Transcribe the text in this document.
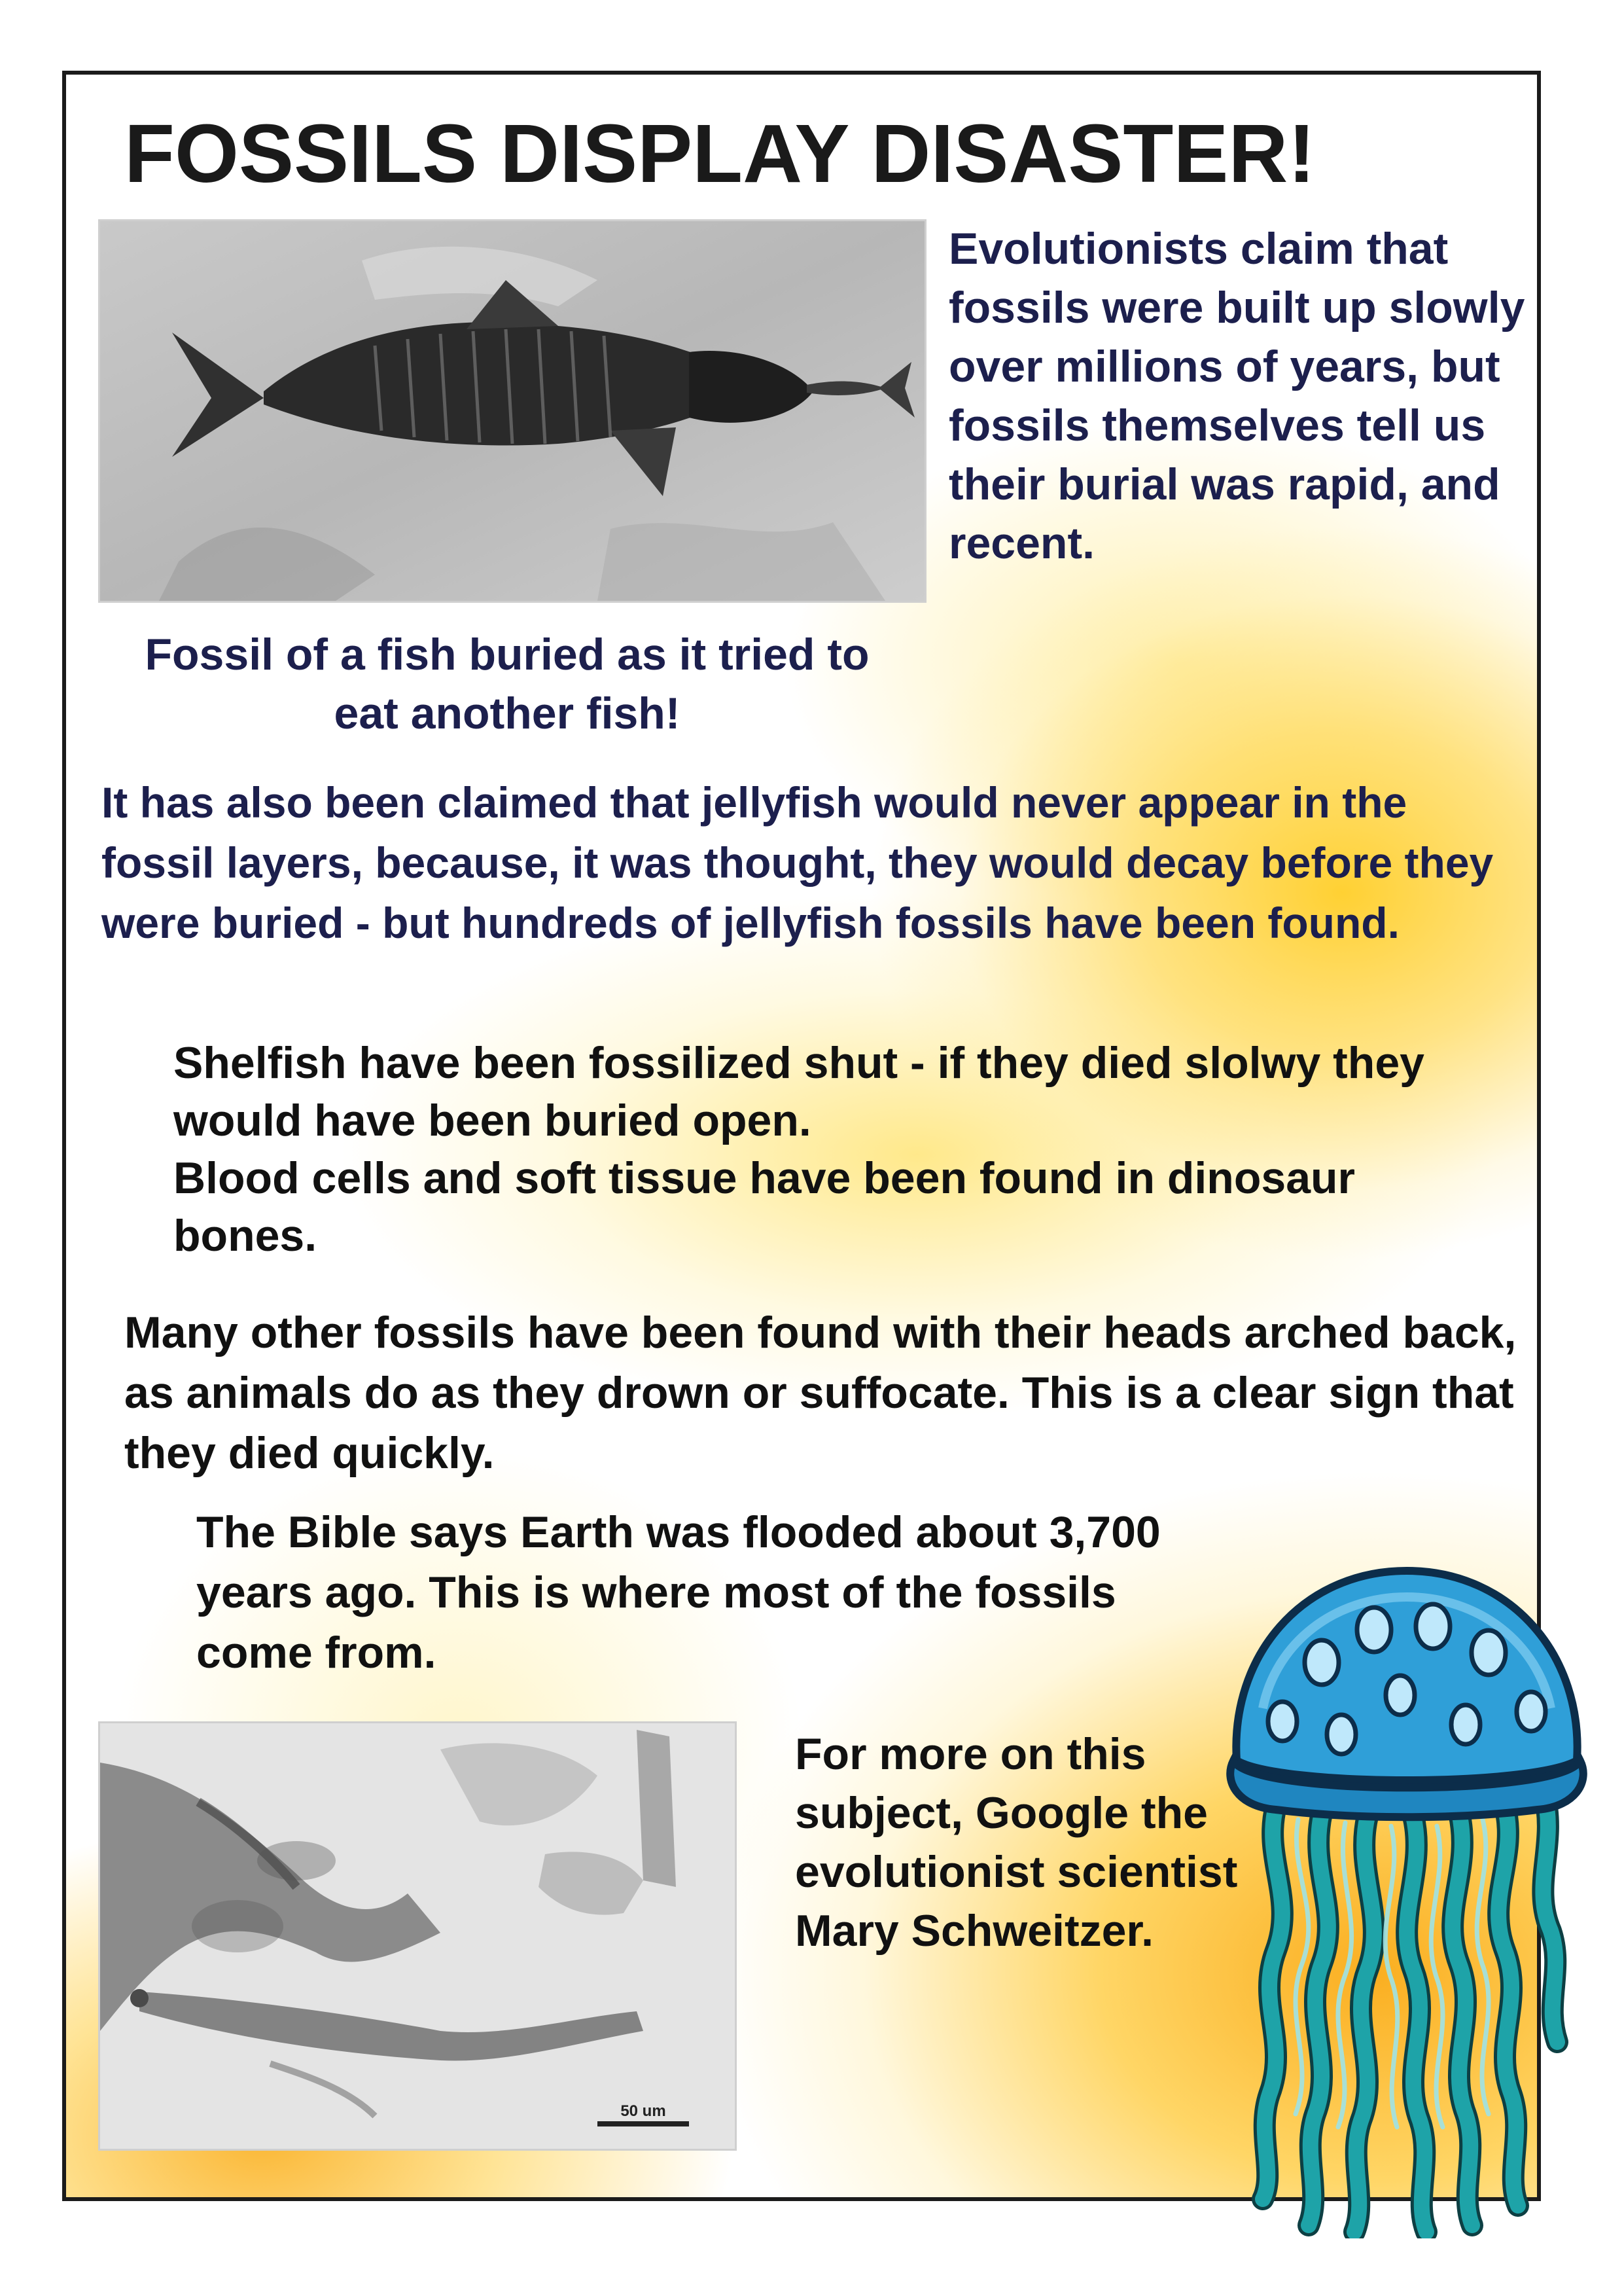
FOSSILS DISPLAY DISASTER!

Evolutionists claim that fossils were built up slowly over millions of years, but fossils themselves tell us their burial was rapid, and recent.

Fossil of a fish buried as it tried to eat another fish!

It has also been claimed that jellyfish would never appear in the fossil layers, because, it was thought, they would decay before they were buried - but hundreds of jellyfish fossils have been found.

Shelfish have been fossilized shut - if they died slolwy they would have been buried open.
Blood cells and soft tissue have been found in dinosaur bones.

Many other fossils have been found with their heads arched back, as animals do as they drown or suffocate. This is a clear sign that they died quickly.

The Bible says Earth was flooded about 3,700 years ago. This is where most of the fossils come from.

50 um

For more on this subject, Google the evolutionist scientist Mary Schweitzer.
